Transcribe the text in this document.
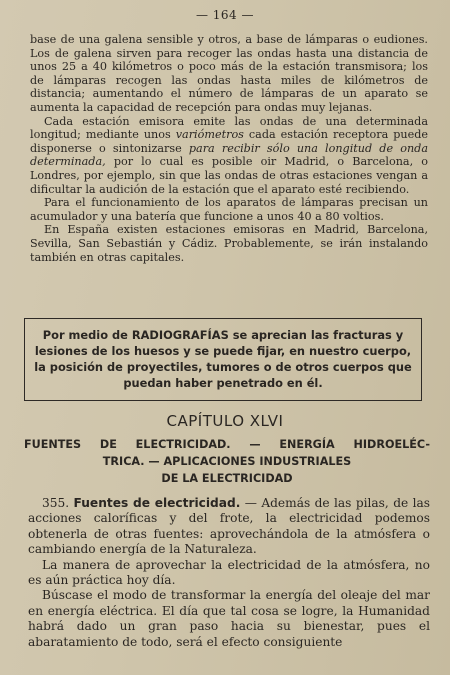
— 164 —

base de una galena sensible y otros, a base de lámparas o eudiones. Los de galena sirven para recoger las ondas hasta una distancia de unos 25 a 40 kilómetros o poco más de la estación transmisora; los de lámparas recogen las ondas hasta miles de kilómetros de distancia; aumentando el número de lámparas de un aparato se aumenta la capacidad de recepción para ondas muy lejanas.

Cada estación emisora emite las ondas de una determinada longitud; mediante unos variómetros cada estación receptora puede disponerse o sintonizarse para recibir sólo una longitud de onda determinada, por lo cual es posible oir Madrid, o Barcelona, o Londres, por ejemplo, sin que las ondas de otras estaciones vengan a dificultar la audición de la estación que el aparato esté recibiendo.

Para el funcionamiento de los aparatos de lámparas precisan un acumulador y una batería que funcione a unos 40 a 80 voltios.

En España existen estaciones emisoras en Madrid, Barcelona, Sevilla, San Sebastián y Cádiz. Probablemente, se irán instalando también en otras capitales.

Por medio de RADIOGRAFÍAS se aprecian las fracturas y lesiones de los huesos y se puede fijar, en nuestro cuerpo, la posición de proyectiles, tumores o de otros cuerpos que puedan haber penetrado en él.
CAPÍTULO XLVI
FUENTES DE ELECTRICIDAD. — ENERGÍA HIDROELÉC-
TRICA. — APLICACIONES INDUSTRIALES
DE LA ELECTRICIDAD

355. Fuentes de electricidad. — Además de las pilas, de las acciones caloríficas y del frote, la electricidad podemos obtenerla de otras fuentes: aprovechándola de la atmósfera o cambiando energía de la Naturaleza.

La manera de aprovechar la electricidad de la atmósfera, no es aún práctica hoy día.

Búscase el modo de transformar la energía del oleaje del mar en energía eléctrica. El día que tal cosa se logre, la Humanidad habrá dado un gran paso hacia su bienestar, pues el abaratamiento de todo, será el efecto consiguiente
